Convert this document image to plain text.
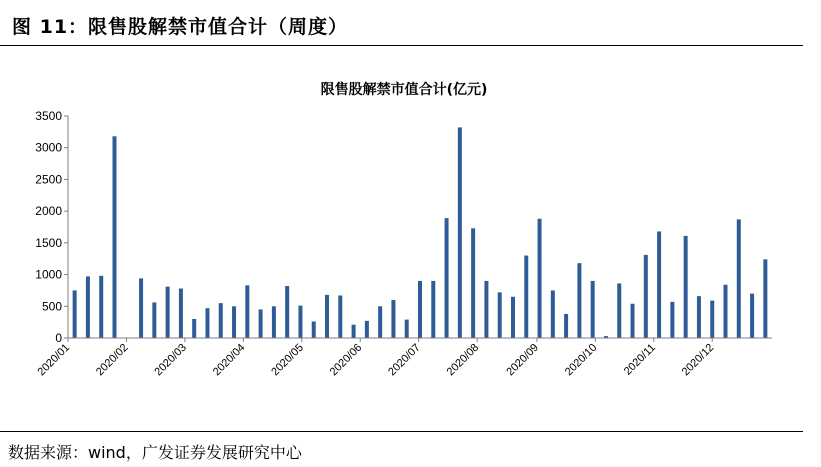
图 11：限售股解禁市值合计（周度）
限售股解禁市值合计(亿元)
0
500
1000
1500
2000
2500
3000
3500
2020/01 2020/02 2020/03 2020/04 2020/05 2020/06 2020/07 2020/08 2020/09 2020/10 2020/11 2020/12
数据来源：wind，广发证券发展研究中心
